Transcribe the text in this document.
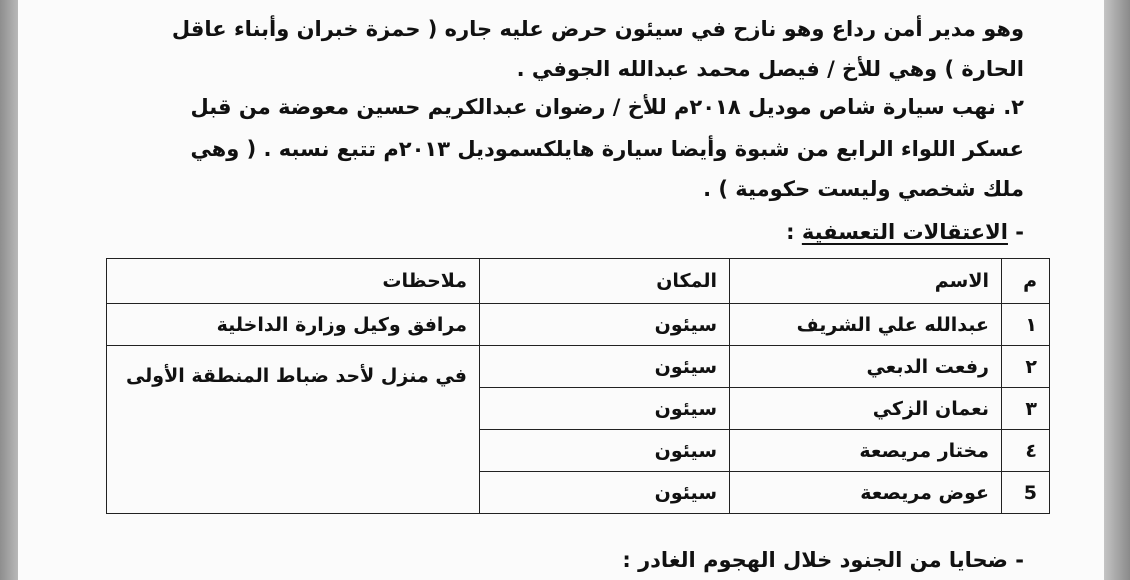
وهو مدير أمن رداع وهو نازح في سيئون حرض عليه جاره ( حمزة خبران وأبناء عاقل
الحارة ) وهي للأخ / فيصل محمد عبدالله الجوفي .
٢. نهب سيارة شاص موديل ٢٠١٨م للأخ / رضوان عبدالكريم حسين معوضة من قبل
عسكر اللواء الرابع من شبوة وأيضا سيارة هايلكسموديل ٢٠١٣م تتبع نسبه . ( وهي
ملك شخصي وليست حكومية ) .
- الاعتقالات التعسفية :
م	الاسم	المكان	ملاحظات
١	عبدالله علي الشريف	سيئون	مرافق وكيل وزارة الداخلية
٢	رفعت الدبعي	سيئون	في منزل لأحد ضباط المنطقة الأولى
٣	نعمان الزكي	سيئون	
٤	مختار مريصعة	سيئون	
5	عوض مريصعة	سيئون	
- ضحايا من الجنود خلال الهجوم الغادر :
